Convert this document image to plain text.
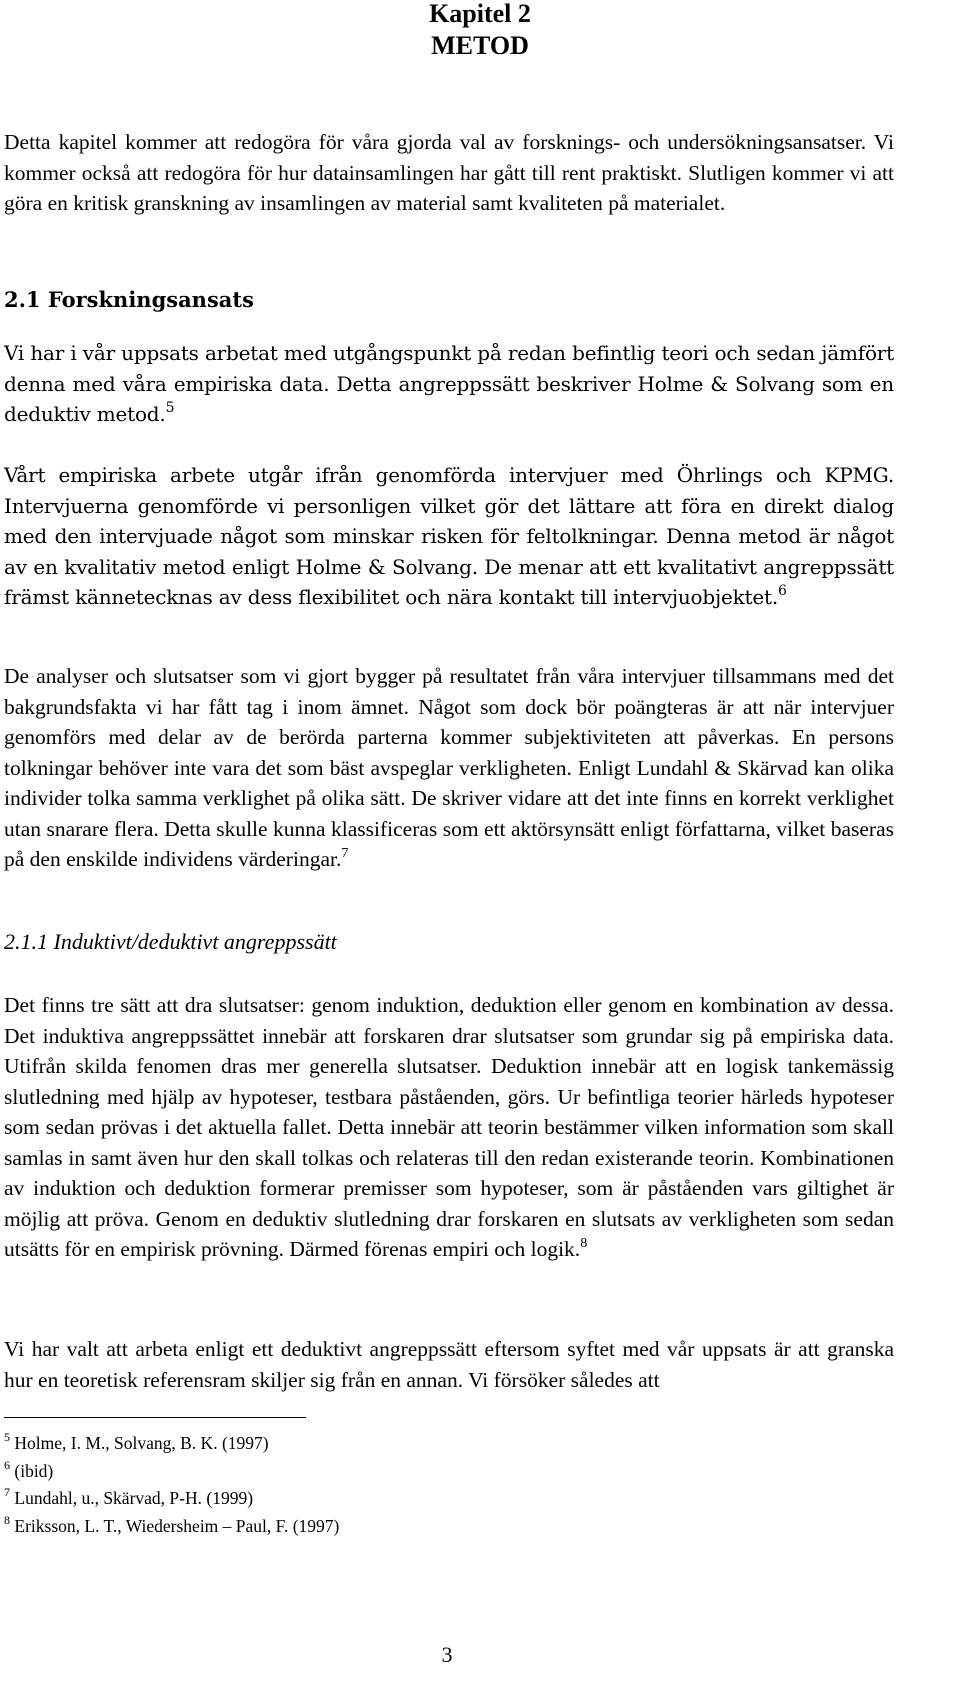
Kapitel 2
METOD

Detta kapitel kommer att redogöra för våra gjorda val av forsknings- och undersökningsansatser. Vi kommer också att redogöra för hur datainsamlingen har gått till rent praktiskt. Slutligen kommer vi att göra en kritisk granskning av insamlingen av material samt kvaliteten på materialet.

2.1 Forskningsansats

Vi har i vår uppsats arbetat med utgångspunkt på redan befintlig teori och sedan jämfört denna med våra empiriska data. Detta angreppssätt beskriver Holme & Solvang som en deduktiv metod.$^5$

Vårt empiriska arbete utgår ifrån genomförda intervjuer med Öhrlings och KPMG. Intervjuerna genomförde vi personligen vilket gör det lättare att föra en direkt dialog med den intervjuade något som minskar risken för feltolkningar. Denna metod är något av en kvalitativ metod enligt Holme & Solvang. De menar att ett kvalitativt angreppssätt främst kännetecknas av dess flexibilitet och nära kontakt till intervjuobjektet.$^6$

De analyser och slutsatser som vi gjort bygger på resultatet från våra intervjuer tillsammans med det bakgrundsfakta vi har fått tag i inom ämnet. Något som dock bör poängteras är att när intervjuer genomförs med delar av de berörda parterna kommer subjektiviteten att påverkas. En persons tolkningar behöver inte vara det som bäst avspeglar verkligheten. Enligt Lundahl & Skärvad kan olika individer tolka samma verklighet på olika sätt. De skriver vidare att det inte finns en korrekt verklighet utan snarare flera. Detta skulle kunna klassificeras som ett aktörsynsätt enligt författarna, vilket baseras på den enskilde individens värderingar.$^7$

2.1.1 Induktivt/deduktivt angreppssätt

Det finns tre sätt att dra slutsatser: genom induktion, deduktion eller genom en kombination av dessa. Det induktiva angreppssättet innebär att forskaren drar slutsatser som grundar sig på empiriska data. Utifrån skilda fenomen dras mer generella slutsatser. Deduktion innebär att en logisk tankemässig slutledning med hjälp av hypoteser, testbara påståenden, görs. Ur befintliga teorier härleds hypoteser som sedan prövas i det aktuella fallet. Detta innebär att teorin bestämmer vilken information som skall samlas in samt även hur den skall tolkas och relateras till den redan existerande teorin. Kombinationen av induktion och deduktion formerar premisser som hypoteser, som är påståenden vars giltighet är möjlig att pröva. Genom en deduktiv slutledning drar forskaren en slutsats av verkligheten som sedan utsätts för en empirisk prövning. Därmed förenas empiri och logik.$^8$

Vi har valt att arbeta enligt ett deduktivt angreppssätt eftersom syftet med vår uppsats är att granska hur en teoretisk referensram skiljer sig från en annan. Vi försöker således att

$^5$ Holme, I. M., Solvang, B. K. (1997)
$^6$ (ibid)
$^7$ Lundahl, u., Skärvad, P-H. (1999)
$^8$ Eriksson, L. T., Wiedersheim – Paul, F. (1997)
3
